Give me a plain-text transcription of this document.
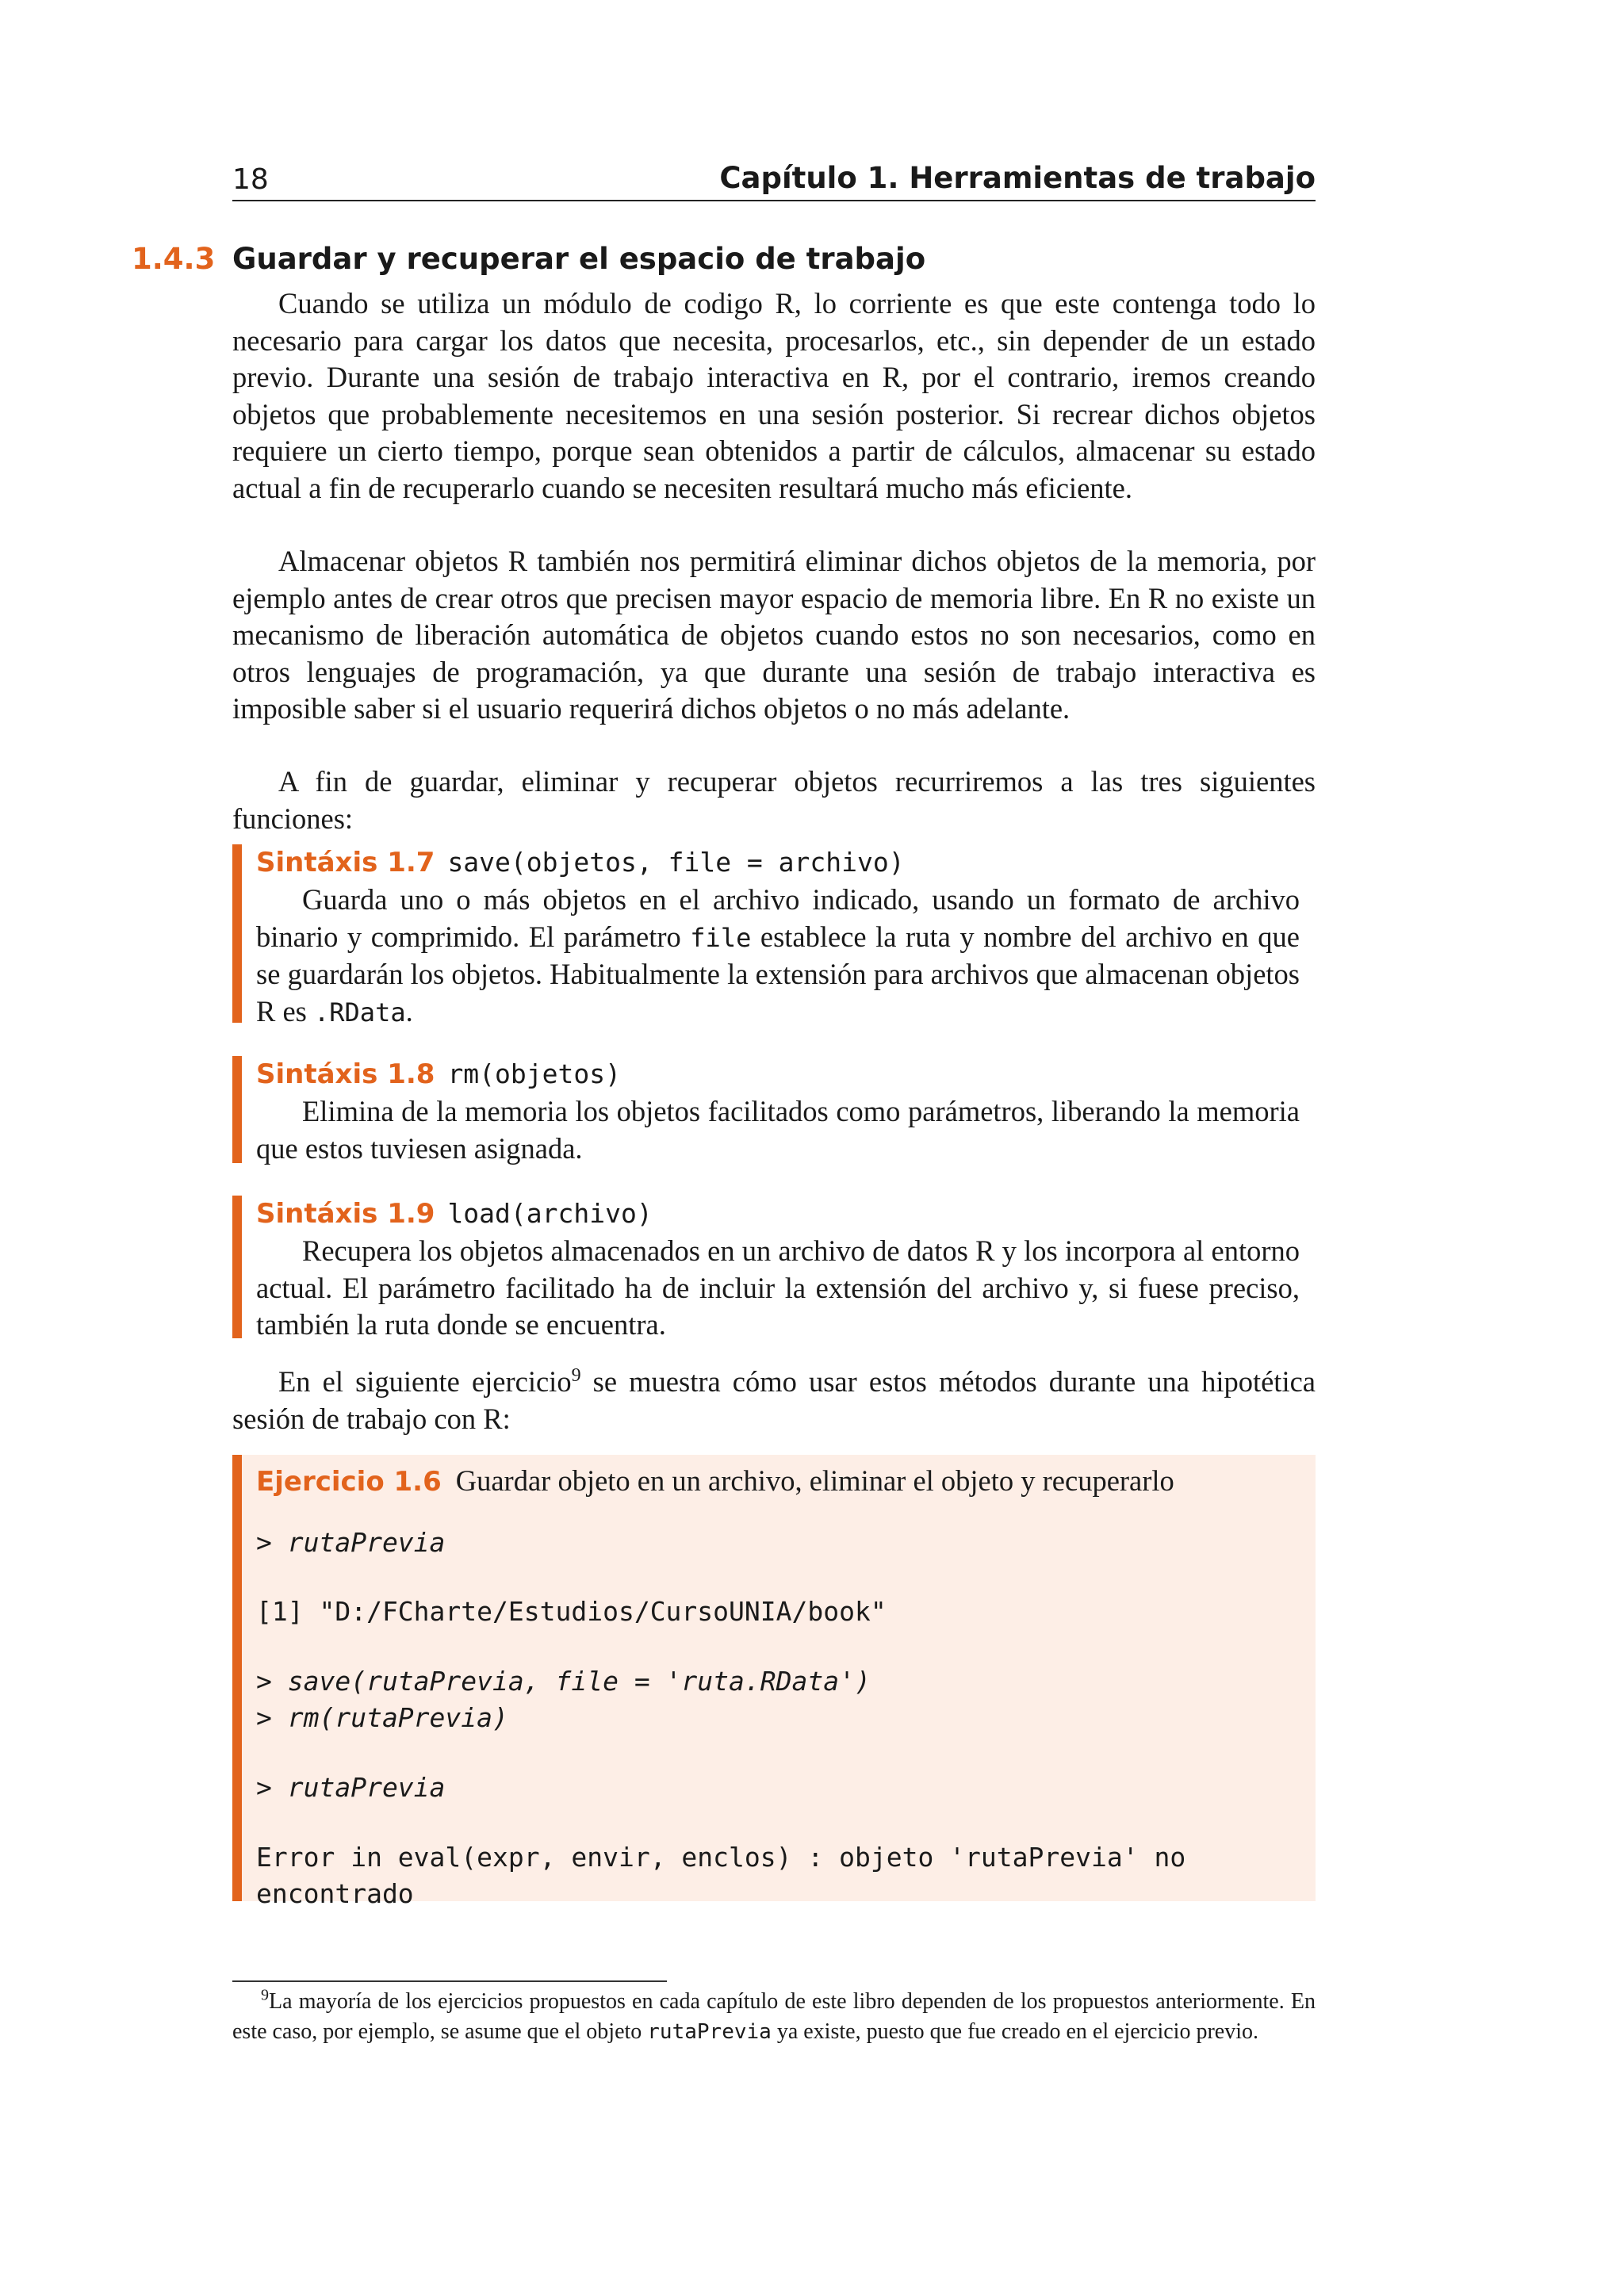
18	Capítulo 1. Herramientas de trabajo
1.4.3 Guardar y recuperar el espacio de trabajo

Cuando se utiliza un módulo de codigo R, lo corriente es que este contenga todo lo necesario para cargar los datos que necesita, procesarlos, etc., sin depender de un estado previo. Durante una sesión de trabajo interactiva en R, por el contrario, iremos creando objetos que probablemente necesitemos en una sesión posterior. Si recrear dichos objetos requiere un cierto tiempo, porque sean obtenidos a partir de cálculos, almacenar su estado actual a fin de recuperarlo cuando se necesiten resultará mucho más eficiente.

Almacenar objetos R también nos permitirá eliminar dichos objetos de la memoria, por ejemplo antes de crear otros que precisen mayor espacio de memoria libre. En R no existe un mecanismo de liberación automática de objetos cuando estos no son necesarios, como en otros lenguajes de programación, ya que durante una sesión de trabajo interactiva es imposible saber si el usuario requerirá dichos objetos o no más adelante.

A fin de guardar, eliminar y recuperar objetos recurriremos a las tres siguientes funciones:

Sintáxis 1.7 save(objetos, file = archivo)

Guarda uno o más objetos en el archivo indicado, usando un formato de archivo binario y comprimido. El parámetro file establece la ruta y nombre del archivo en que se guardarán los objetos. Habitualmente la extensión para archivos que almacenan objetos R es .RData.

Sintáxis 1.8 rm(objetos)

Elimina de la memoria los objetos facilitados como parámetros, liberando la memoria que estos tuviesen asignada.

Sintáxis 1.9 load(archivo)

Recupera los objetos almacenados en un archivo de datos R y los incorpora al entorno actual. El parámetro facilitado ha de incluir la extensión del archivo y, si fuese preciso, también la ruta donde se encuentra.

En el siguiente ejercicio$^9$ se muestra cómo usar estos métodos durante una hipotética sesión de trabajo con R:

Ejercicio 1.6 Guardar objeto en un archivo, eliminar el objeto y recuperarlo
> rutaPrevia
[1] "D:/FCharte/Estudios/CursoUNIA/book"
> save(rutaPrevia, file = 'ruta.RData')
> rm(rutaPrevia)
> rutaPrevia
Error in eval(expr, envir, enclos) : objeto 'rutaPrevia' no
encontrado

$^9$La mayoría de los ejercicios propuestos en cada capítulo de este libro dependen de los propuestos anteriormente. En este caso, por ejemplo, se asume que el objeto rutaPrevia ya existe, puesto que fue creado en el ejercicio previo.
